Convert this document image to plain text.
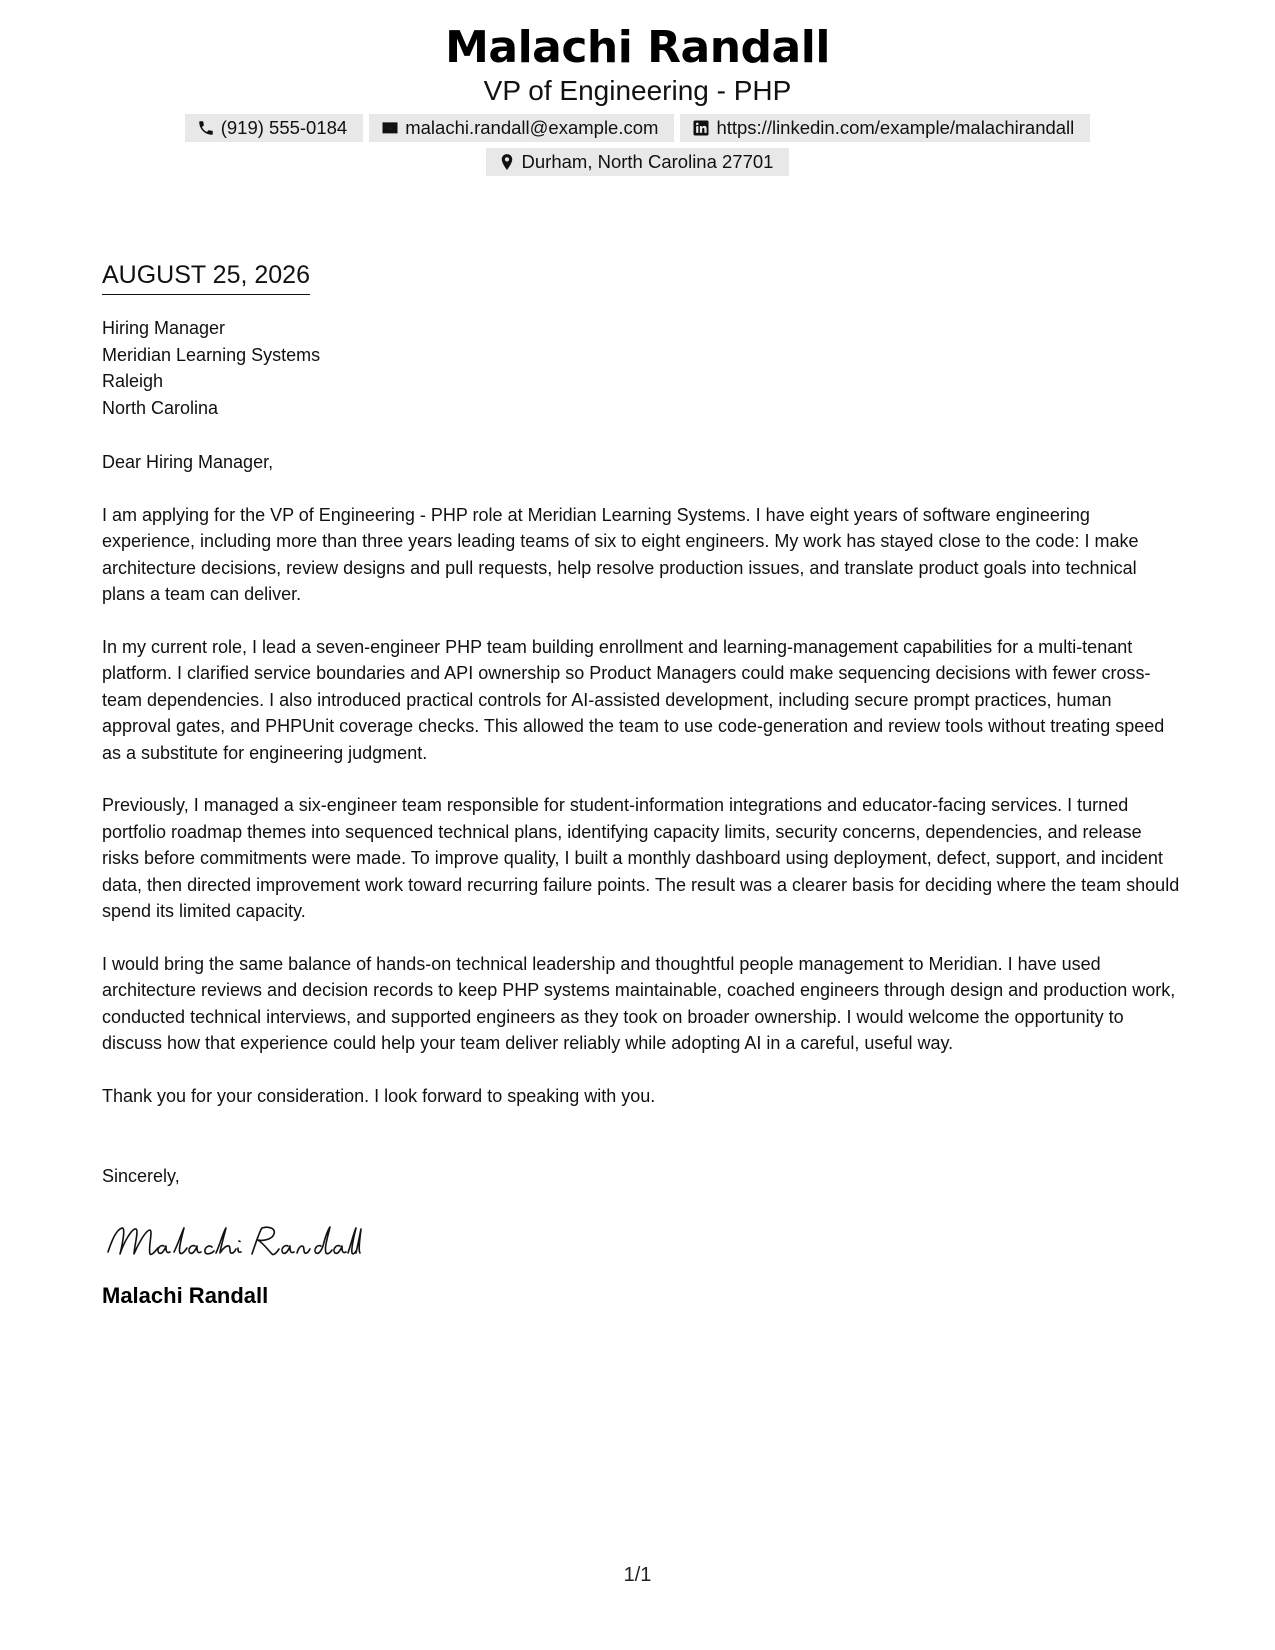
Malachi Randall
VP of Engineering - PHP
(919) 555-0184	malachi.randall@example.com	https://linkedin.com/example/malachirandall
Durham, North Carolina 27701
AUGUST 25, 2026
Hiring Manager
Meridian Learning Systems
Raleigh
North Carolina

Dear Hiring Manager,

I am applying for the VP of Engineering - PHP role at Meridian Learning Systems. I have eight years of software engineering experience, including more than three years leading teams of six to eight engineers. My work has stayed close to the code: I make architecture decisions, review designs and pull requests, help resolve production issues, and translate product goals into technical plans a team can deliver.

In my current role, I lead a seven-engineer PHP team building enrollment and learning-management capabilities for a multi-tenant platform. I clarified service boundaries and API ownership so Product Managers could make sequencing decisions with fewer cross-team dependencies. I also introduced practical controls for AI-assisted development, including secure prompt practices, human approval gates, and PHPUnit coverage checks. This allowed the team to use code-generation and review tools without treating speed as a substitute for engineering judgment.

Previously, I managed a six-engineer team responsible for student-information integrations and educator-facing services. I turned portfolio roadmap themes into sequenced technical plans, identifying capacity limits, security concerns, dependencies, and release risks before commitments were made. To improve quality, I built a monthly dashboard using deployment, defect, support, and incident data, then directed improvement work toward recurring failure points. The result was a clearer basis for deciding where the team should spend its limited capacity.

I would bring the same balance of hands-on technical leadership and thoughtful people management to Meridian. I have used architecture reviews and decision records to keep PHP systems maintainable, coached engineers through design and production work, conducted technical interviews, and supported engineers as they took on broader ownership. I would welcome the opportunity to discuss how that experience could help your team deliver reliably while adopting AI in a careful, useful way.

Thank you for your consideration. I look forward to speaking with you.

Sincerely,

Malachi Randall
1/1
